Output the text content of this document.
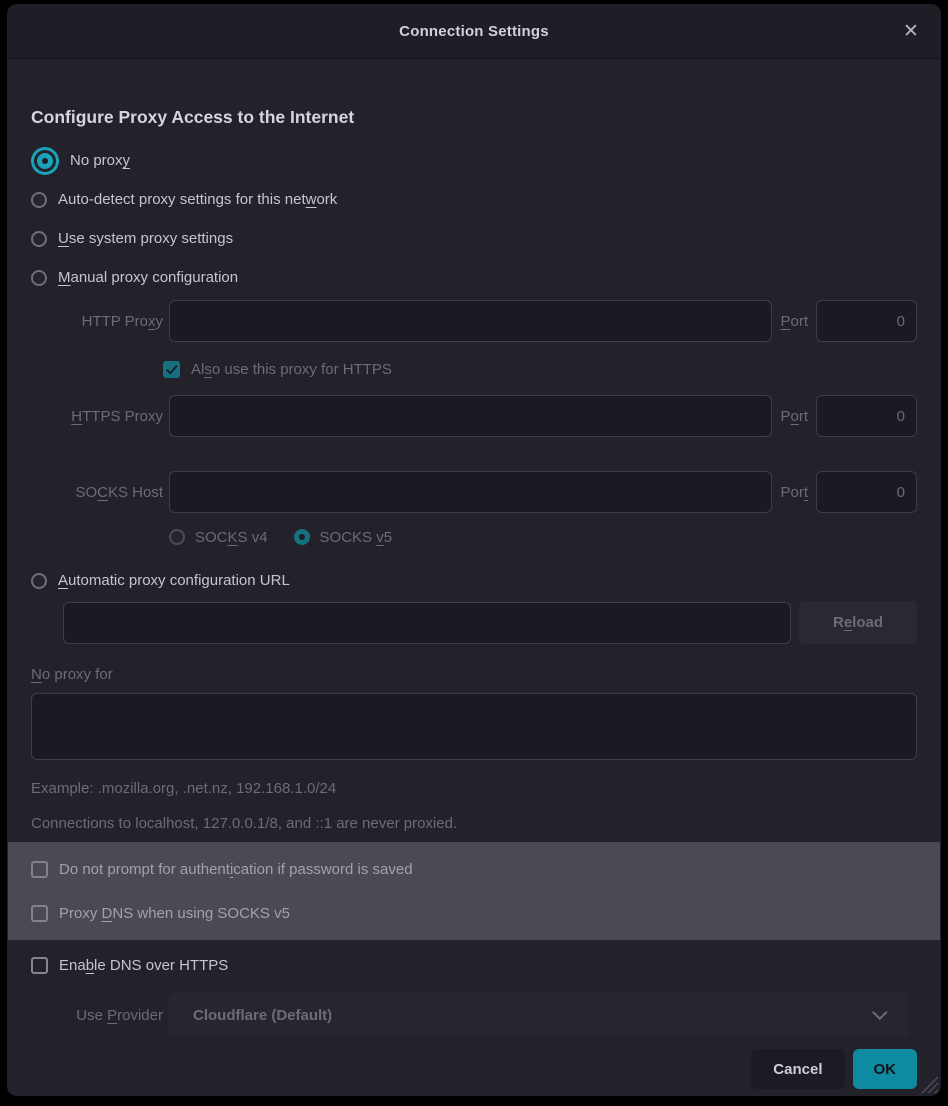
Connection Settings	✕
Configure Proxy Access to the Internet
No proxy
Auto-detect proxy settings for this network
Use system proxy settings
Manual proxy configuration
HTTP Proxy	Port
0
Also use this proxy for HTTPS
HTTPS Proxy	Port
0
SOCKS Host	Port
0
SOCKS v4	SOCKS v5
Automatic proxy configuration URL
Reload
No proxy for
Example: .mozilla.org, .net.nz, 192.168.1.0/24
Connections to localhost, 127.0.0.1/8, and ::1 are never proxied.
Do not prompt for authentication if password is saved
Proxy DNS when using SOCKS v5
Enable DNS over HTTPS
Use Provider Cloudflare (Default)
Cancel	OK
